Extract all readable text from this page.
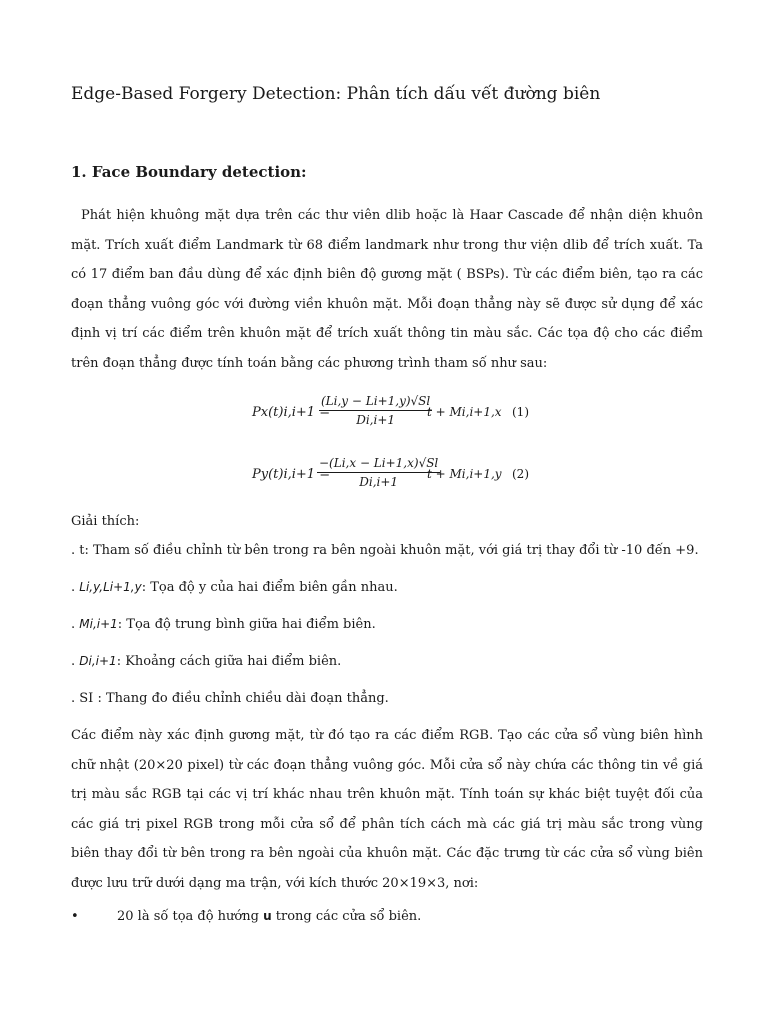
Edge-Based Forgery Detection: Phân tích dấu vết đường biên
1. Face Boundary detection:
Phát hiện khuông mặt dựa trên các thư viên dlib hoặc là Haar Cascade để nhận diện khuôn mặt. Trích xuất điểm Landmark từ 68 điểm landmark như trong thư viện dlib để trích xuất. Ta có 17 điểm ban đầu dùng để xác định biên độ gương mặt ( BSPs). Từ các điểm biên, tạo ra các đoạn thẳng vuông góc với đường viền khuôn mặt. Mỗi đoạn thẳng này sẽ được sử dụng để xác định vị trí các điểm trên khuôn mặt để trích xuất thông tin màu sắc. Các tọa độ cho các điểm trên đoạn thẳng được tính toán bằng các phương trình tham số như sau:
Px(t)i,i+1 =
(Li,y − Li+1,y)√Sl
Di,i+1
t + Mi,i+1,x (1)
Py(t)i,i+1 =
−(Li,x − Li+1,x)√Sl
Di,i+1
t + Mi,i+1,y (2)
Giải thích:
. t: Tham số điều chỉnh từ bên trong ra bên ngoài khuôn mặt, với giá trị thay đổi từ -10 đến +9.
. Li,y,Li+1,y: Tọa độ y của hai điểm biên gần nhau.
. Mi,i+1: Tọa độ trung bình giữa hai điểm biên.
. Di,i+1: Khoảng cách giữa hai điểm biên.
. SI : Thang đo điều chỉnh chiều dài đoạn thẳng.
Các điểm này xác định gương mặt, từ đó tạo ra các điểm RGB. Tạo các cửa sổ vùng biên hình chữ nhật (20×20 pixel) từ các đoạn thẳng vuông góc. Mỗi cửa sổ này chứa các thông tin về giá trị màu sắc RGB tại các vị trí khác nhau trên khuôn mặt. Tính toán sự khác biệt tuyệt đối của các giá trị pixel RGB trong mỗi cửa sổ để phân tích cách mà các giá trị màu sắc trong vùng biên thay đổi từ bên trong ra bên ngoài của khuôn mặt. Các đặc trưng từ các cửa sổ vùng biên được lưu trữ dưới dạng ma trận, với kích thước 20×19×3, nơi:
•	20 là số tọa độ hướng u trong các cửa sổ biên.
